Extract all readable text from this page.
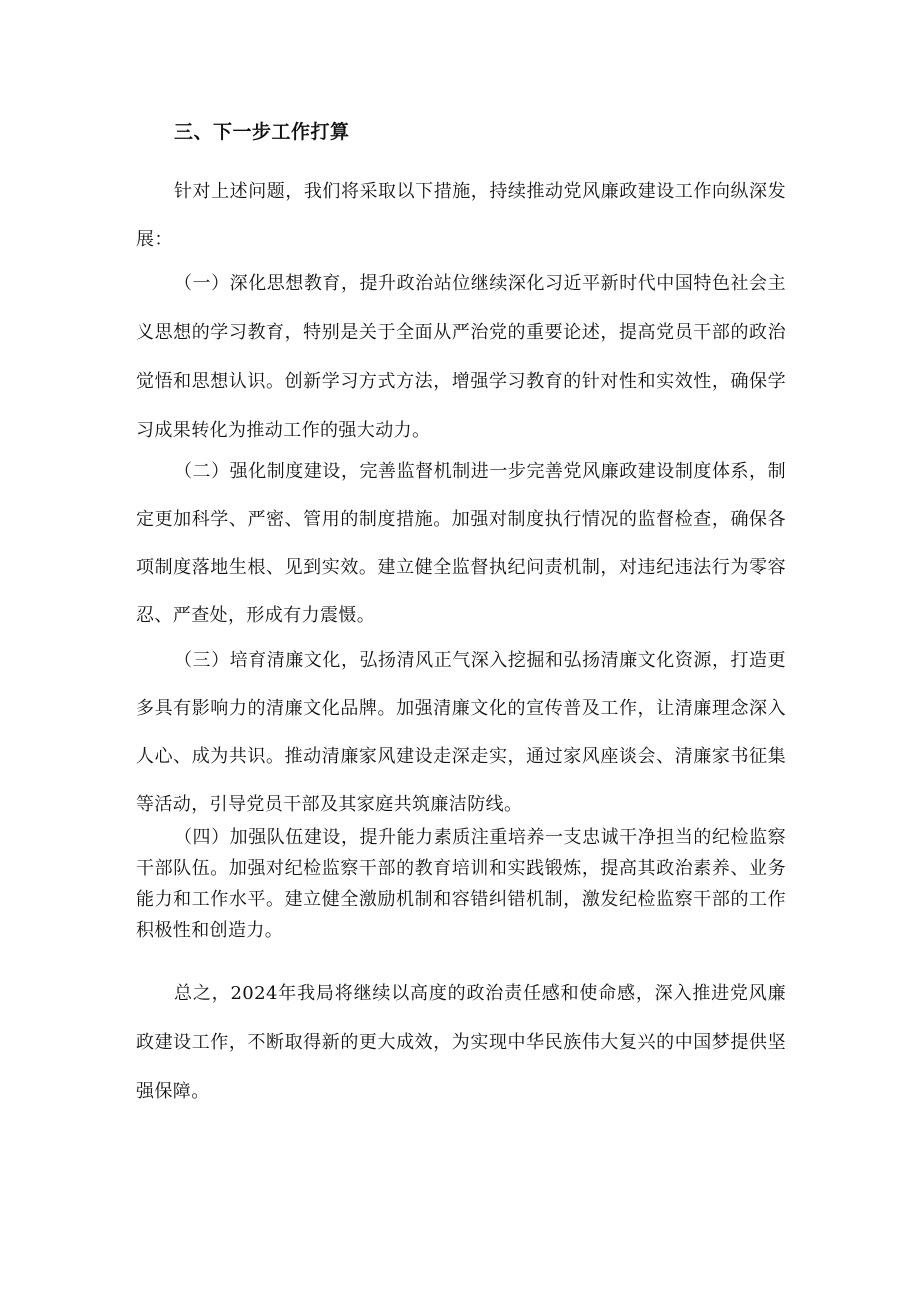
三、下一步工作打算

针对上述问题，我们将采取以下措施，持续推动党风廉政建设工作向纵深发展：

（一）深化思想教育，提升政治站位继续深化习近平新时代中国特色社会主义思想的学习教育，特别是关于全面从严治党的重要论述，提高党员干部的政治觉悟和思想认识。创新学习方式方法，增强学习教育的针对性和实效性，确保学习成果转化为推动工作的强大动力。

（二）强化制度建设，完善监督机制进一步完善党风廉政建设制度体系，制定更加科学、严密、管用的制度措施。加强对制度执行情况的监督检查，确保各项制度落地生根、见到实效。建立健全监督执纪问责机制，对违纪违法行为零容忍、严查处，形成有力震慑。

（三）培育清廉文化，弘扬清风正气深入挖掘和弘扬清廉文化资源，打造更多具有影响力的清廉文化品牌。加强清廉文化的宣传普及工作，让清廉理念深入人心、成为共识。推动清廉家风建设走深走实，通过家风座谈会、清廉家书征集等活动，引导党员干部及其家庭共筑廉洁防线。

（四）加强队伍建设，提升能力素质注重培养一支忠诚干净担当的纪检监察干部队伍。加强对纪检监察干部的教育培训和实践锻炼，提高其政治素养、业务能力和工作水平。建立健全激励机制和容错纠错机制，激发纪检监察干部的工作积极性和创造力。

总之，2024年我局将继续以高度的政治责任感和使命感，深入推进党风廉政建设工作，不断取得新的更大成效，为实现中华民族伟大复兴的中国梦提供坚强保障。
